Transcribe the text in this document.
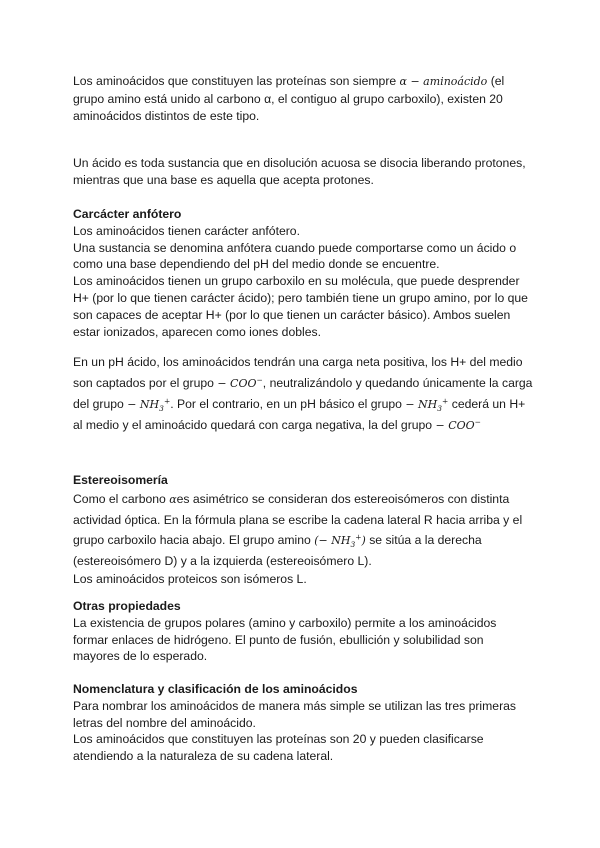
Los aminoácidos que constituyen las proteínas son siempre α − aminoácido (el grupo amino está unido al carbono α, el contiguo al grupo carboxilo), existen 20 aminoácidos distintos de este tipo.

Un ácido es toda sustancia que en disolución acuosa se disocia liberando protones, mientras que una base es aquella que acepta protones.

Carcácter anfótero

Los aminoácidos tienen carácter anfótero.

Una sustancia se denomina anfótera cuando puede comportarse como un ácido o como una base dependiendo del pH del medio donde se encuentre.

Los aminoácidos tienen un grupo carboxilo en su molécula, que puede desprender H+ (por lo que tienen carácter ácido); pero también tiene un grupo amino, por lo que son capaces de aceptar H+ (por lo que tienen un carácter básico). Ambos suelen estar ionizados, aparecen como iones dobles.

En un pH ácido, los aminoácidos tendrán una carga neta positiva, los H+ del medio son captados por el grupo − COO−, neutralizándolo y quedando únicamente la carga del grupo − $NH_3^+$. Por el contrario, en un pH básico el grupo − $NH_3^+$ cederá un H+ al medio y el aminoácido quedará con carga negativa, la del grupo − COO−

Estereoisomería

Como el carbono αes asimétrico se consideran dos estereoisómeros con distinta actividad óptica. En la fórmula plana se escribe la cadena lateral R hacia arriba y el grupo carboxilo hacia abajo. El grupo amino (− $NH_3^+$) se sitúa a la derecha (estereoisómero D) y a la izquierda (estereoisómero L).

Los aminoácidos proteicos son isómeros L.

Otras propiedades

La existencia de grupos polares (amino y carboxilo) permite a los aminoácidos formar enlaces de hidrógeno. El punto de fusión, ebullición y solubilidad son mayores de lo esperado.

Nomenclatura y clasificación de los aminoácidos

Para nombrar los aminoácidos de manera más simple se utilizan las tres primeras letras del nombre del aminoácido.

Los aminoácidos que constituyen las proteínas son 20 y pueden clasificarse atendiendo a la naturaleza de su cadena lateral.
